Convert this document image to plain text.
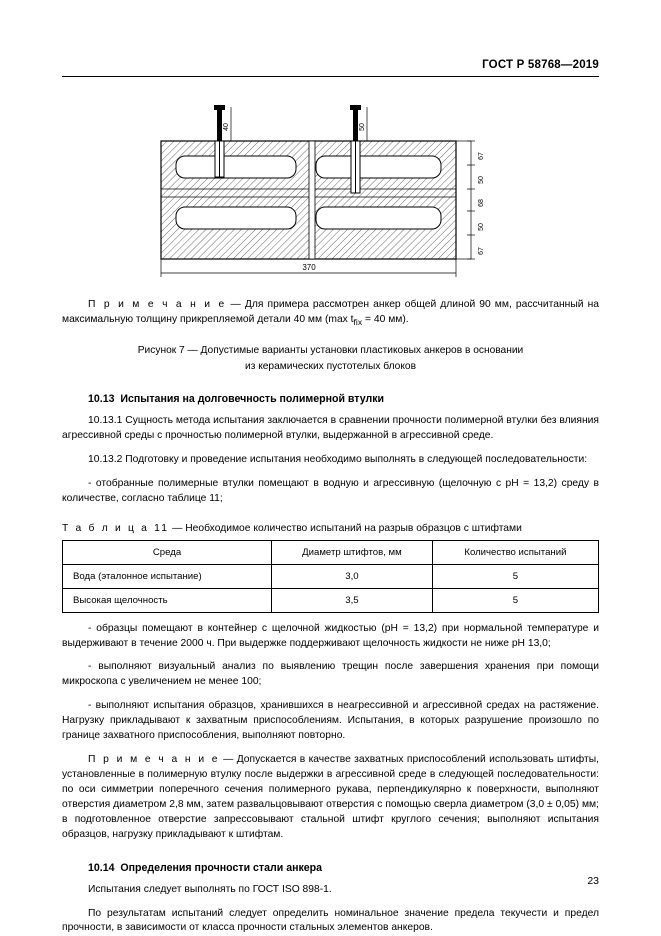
ГОСТ Р 58768—2019
40	50
67
50
68
50
67
370

П р и м е ч а н и е — Для примера рассмотрен анкер общей длиной 90 мм, рассчитанный на максимальную толщину прикрепляемой детали 40 мм (max $t_{fix} = 40$ мм).

Рисунок 7 — Допустимые варианты установки пластиковых анкеров в основании
из керамических пустотелых блоков
10.13 Испытания на долговечность полимерной втулки

10.13.1 Сущность метода испытания заключается в сравнении прочности полимерной втулки без влияния агрессивной среды с прочностью полимерной втулки, выдержанной в агрессивной среде.

10.13.2 Подготовку и проведение испытания необходимо выполнять в следующей последовательности:

- отобранные полимерные втулки помещают в водную и агрессивную (щелочную с рН = 13,2) среду в количестве, согласно таблице 11;

Т а б л и ц а 11 — Необходимое количество испытаний на разрыв образцов с штифтами
Среда	Диаметр штифтов, мм	Количество испытаний
Вода (эталонное испытание)	3,0	5
Высокая щелочность	3,5	5

- образцы помещают в контейнер с щелочной жидкостью (pH = 13,2) при нормальной температуре и выдерживают в течение 2000 ч. При выдержке поддерживают щелочность жидкости не ниже рН 13,0;

- выполняют визуальный анализ по выявлению трещин после завершения хранения при помощи микроскопа с увеличением не менее 100;

- выполняют испытания образцов, хранившихся в неагрессивной и агрессивной средах на растяжение. Нагрузку прикладывают к захватным приспособлениям. Испытания, в которых разрушение произошло по границе захватного приспособления, выполняют повторно.

П р и м е ч а н и е — Допускается в качестве захватных приспособлений использовать штифты, установленные в полимерную втулку после выдержки в агрессивной среде в следующей последовательности: по оси симметрии поперечного сечения полимерного рукава, перпендикулярно к поверхности, выполняют отверстия диаметром 2,8 мм, затем развальцовывают отверстия с помощью сверла диаметром (3,0 ± 0,05) мм; в подготовленное отверстие запрессовывают стальной штифт круглого сечения; выполняют испытания образцов, нагрузку прикладывают к штифтам.

10.14 Определения прочности стали анкера

Испытания следует выполнять по ГОСТ ISO 898-1.

По результатам испытаний следует определить номинальное значение предела текучести и предел прочности, в зависимости от класса прочности стальных элементов анкеров.

23
